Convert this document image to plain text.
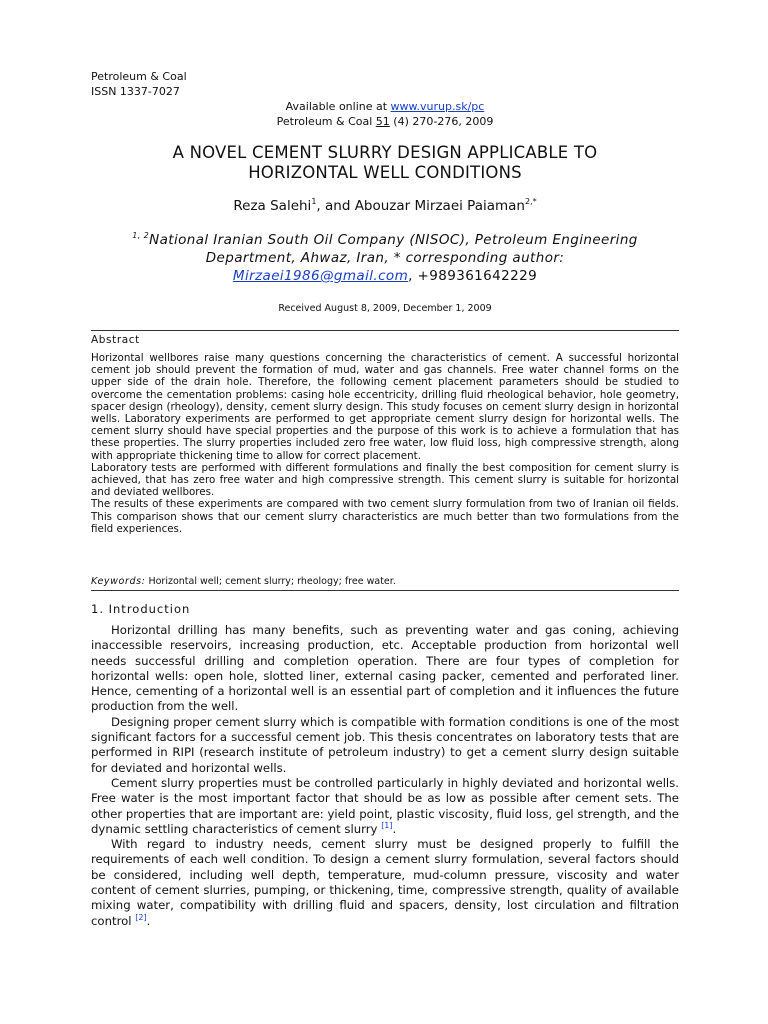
Petroleum & Coal
ISSN 1337-7027
Available online at www.vurup.sk/pc
Petroleum & Coal 51 (4) 270-276, 2009
A NOVEL CEMENT SLURRY DESIGN APPLICABLE TO
HORIZONTAL WELL CONDITIONS
Reza Salehi$^1$, and Abouzar Mirzaei Paiaman$^{2,*}$
$^{1, 2}$National Iranian South Oil Company (NISOC), Petroleum Engineering
Department, Ahwaz, Iran, * corresponding author:
Mirzaei1986@gmail.com, +989361642229
Received August 8, 2009, December 1, 2009
Abstract

Horizontal wellbores raise many questions concerning the characteristics of cement. A successful horizontal cement job should prevent the formation of mud, water and gas channels. Free water channel forms on the upper side of the drain hole. Therefore, the following cement placement parameters should be studied to overcome the cementation problems: casing hole eccentricity, drilling fluid rheological behavior, hole geometry, spacer design (rheology), density, cement slurry design. This study focuses on cement slurry design in horizontal wells. Laboratory experiments are performed to get appropriate cement slurry design for horizontal wells. The cement slurry should have special properties and the purpose of this work is to achieve a formulation that has these properties. The slurry properties included zero free water, low fluid loss, high compressive strength, along with appropriate thickening time to allow for correct placement.

Laboratory tests are performed with different formulations and finally the best composition for cement slurry is achieved, that has zero free water and high compressive strength. This cement slurry is suitable for horizontal and deviated wellbores.

The results of these experiments are compared with two cement slurry formulation from two of Iranian oil fields. This comparison shows that our cement slurry characteristics are much better than two formulations from the field experiences.

Keywords: Horizontal well; cement slurry; rheology; free water.
1. Introduction

Horizontal drilling has many benefits, such as preventing water and gas coning, achieving inaccessible reservoirs, increasing production, etc. Acceptable production from horizontal well needs successful drilling and completion operation. There are four types of completion for horizontal wells: open hole, slotted liner, external casing packer, cemented and perforated liner. Hence, cementing of a horizontal well is an essential part of completion and it influences the future production from the well.

Designing proper cement slurry which is compatible with formation conditions is one of the most significant factors for a successful cement job. This thesis concentrates on laboratory tests that are performed in RIPI (research institute of petroleum industry) to get a cement slurry design suitable for deviated and horizontal wells.

Cement slurry properties must be controlled particularly in highly deviated and horizontal wells. Free water is the most important factor that should be as low as possible after cement sets. The other properties that are important are: yield point, plastic viscosity, fluid loss, gel strength, and the dynamic settling characteristics of cement slurry [1].

With regard to industry needs, cement slurry must be designed properly to fulfill the requirements of each well condition. To design a cement slurry formulation, several factors should be considered, including well depth, temperature, mud-column pressure, viscosity and water content of cement slurries, pumping, or thickening, time, compressive strength, quality of available mixing water, compatibility with drilling fluid and spacers, density, lost circulation and filtration control [2].
